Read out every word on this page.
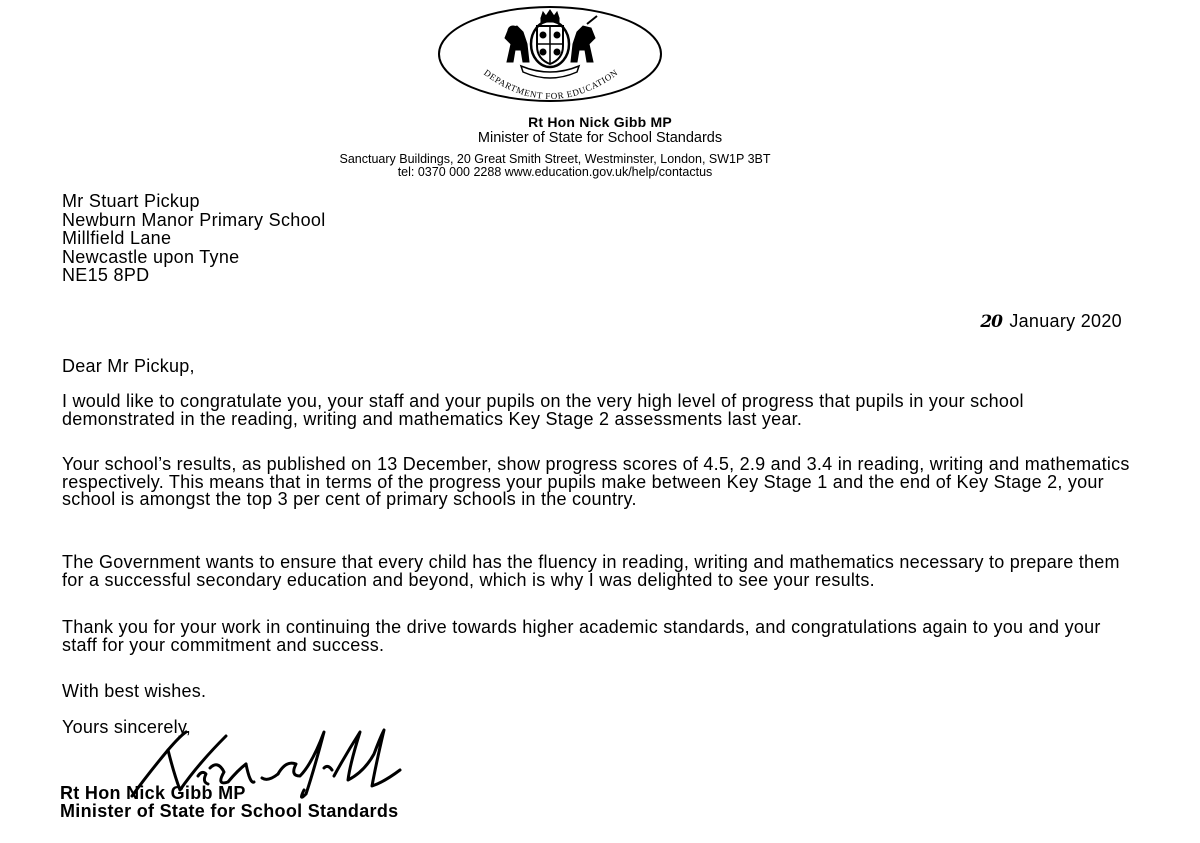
DEPARTMENT FOR EDUCATION
Rt Hon Nick Gibb MP
Minister of State for School Standards
Sanctuary Buildings, 20 Great Smith Street, Westminster, London, SW1P 3BT
tel: 0370 000 2288 www.education.gov.uk/help/contactus
Mr Stuart Pickup
Newburn Manor Primary School
Millfield Lane
Newcastle upon Tyne
NE15 8PD
20 January 2020
Dear Mr Pickup,
I would like to congratulate you, your staff and your pupils on the very high level of progress that pupils in your school demonstrated in the reading, writing and mathematics Key Stage 2 assessments last year.
Your school’s results, as published on 13 December, show progress scores of 4.5, 2.9 and 3.4 in reading, writing and mathematics respectively. This means that in terms of the progress your pupils make between Key Stage 1 and the end of Key Stage 2, your school is amongst the top 3 per cent of primary schools in the country.
The Government wants to ensure that every child has the fluency in reading, writing and mathematics necessary to prepare them for a successful secondary education and beyond, which is why I was delighted to see your results.
Thank you for your work in continuing the drive towards higher academic standards, and congratulations again to you and your staff for your commitment and success.
With best wishes.
Yours sincerely,
Rt Hon Nick Gibb MP
Minister of State for School Standards
